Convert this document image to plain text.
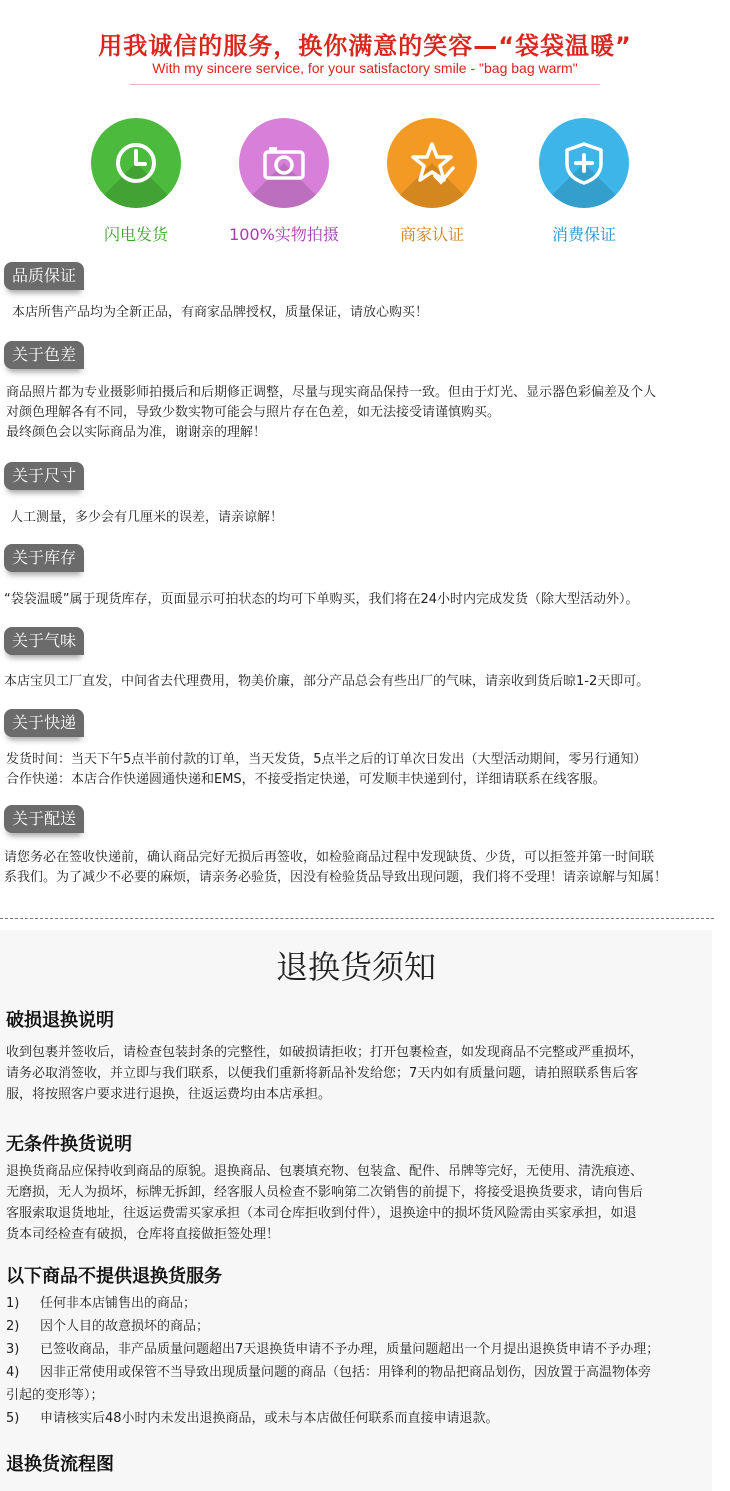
用我诚信的服务，换你满意的笑容—“袋袋温暖”
With my sincere service, for your satisfactory smile - "bag bag warm"
闪电发货	100%实物拍摄	商家认证	消费保证
品质保证
本店所售产品均为全新正品，有商家品牌授权，质量保证，请放心购买！
关于色差
商品照片都为专业摄影师拍摄后和后期修正调整，尽量与现实商品保持一致。但由于灯光、显示器色彩偏差及个人
对颜色理解各有不同，导致少数实物可能会与照片存在色差，如无法接受请谨慎购买。
最终颜色会以实际商品为准，谢谢亲的理解！
关于尺寸
人工测量，多少会有几厘米的误差，请亲谅解！
关于库存
“袋袋温暖”属于现货库存，页面显示可拍状态的均可下单购买，我们将在24小时内完成发货（除大型活动外）。
关于气味
本店宝贝工厂直发，中间省去代理费用，物美价廉，部分产品总会有些出厂的气味，请亲收到货后晾1-2天即可。
关于快递
发货时间：当天下午5点半前付款的订单，当天发货，5点半之后的订单次日发出（大型活动期间，零另行通知）
合作快递：本店合作快递圆通快递和EMS，不接受指定快递，可发顺丰快递到付，详细请联系在线客服。
关于配送
请您务必在签收快递前，确认商品完好无损后再签收，如检验商品过程中发现缺货、少货，可以拒签并第一时间联
系我们。为了减少不必要的麻烦，请亲务必验货，因没有检验货品导致出现问题，我们将不受理！请亲谅解与知属！
退换货须知
破损退换说明
收到包裹并签收后，请检查包装封条的完整性，如破损请拒收；打开包裹检查，如发现商品不完整或严重损坏，
请务必取消签收，并立即与我们联系，以便我们重新将新品补发给您；7天内如有质量问题，请拍照联系售后客
服，将按照客户要求进行退换，往返运费均由本店承担。
无条件换货说明
退换货商品应保持收到商品的原貌。退换商品、包裹填充物、包装盒、配件、吊牌等完好，无使用、清洗痕迹、
无磨损，无人为损坏，标牌无拆卸，经客服人员检查不影响第二次销售的前提下，将接受退换货要求，请向售后
客服索取退货地址，往返运费需买家承担（本司仓库拒收到付件），退换途中的损坏货风险需由买家承担，如退
货本司经检查有破损，仓库将直接做拒签处理！
以下商品不提供退换货服务
1) 任何非本店铺售出的商品；
2) 因个人目的故意损坏的商品；
3) 已签收商品，非产品质量问题超出7天退换货申请不予办理，质量问题超出一个月提出退换货申请不予办理；
4) 因非正常使用或保管不当导致出现质量问题的商品（包括：用锋利的物品把商品划伤，因放置于高温物体旁
引起的变形等）；
5) 申请核实后48小时内未发出退换商品，或未与本店做任何联系而直接申请退款。
退换货流程图
